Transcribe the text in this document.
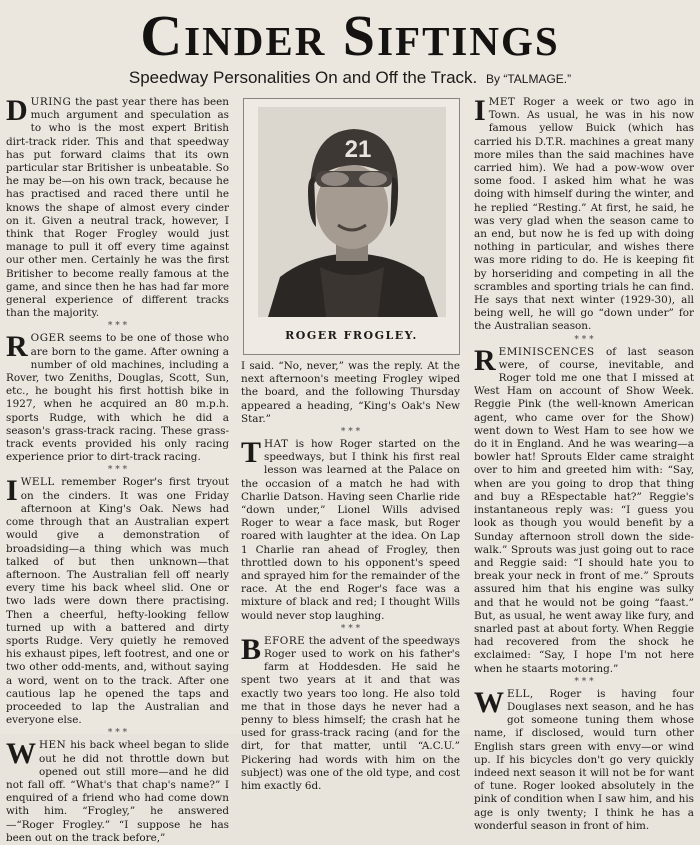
Cinder Siftings
Speedway Personalities On and Off the Track. By “TALMAGE.”

DURING the past year there has been much argument and speculation as to who is the most expert British dirt-track rider. This and that speedway has put forward claims that its own particular star Britisher is unbeatable. So he may be—on his own track, because he has practised and raced there until he knows the shape of almost every cinder on it. Given a neutral track, however, I think that Roger Frogley would just manage to pull it off every time against our other men. Certainly he was the first Britisher to become really famous at the game, and since then he has had far more general experience of different tracks than the majority.

* * *

ROGER seems to be one of those who are born to the game. After owning a number of old machines, including a Rover, two Zeniths, Douglas, Scott, Sun, etc., he bought his first hottish bike in 1927, when he acquired an 80 m.p.h. sports Rudge, with which he did a season's grass-track racing. These grass-track events provided his only racing experience prior to dirt-track racing.

* * *

IWELL remember Roger's first tryout on the cinders. It was one Friday afternoon at King's Oak. News had come through that an Australian expert would give a demonstration of broadsiding—a thing which was much talked of but then unknown—that afternoon. The Australian fell off nearly every time his back wheel slid. One or two lads were down there practising. Then a cheerful, hefty-looking fellow turned up with a battered and dirty sports Rudge. Very quietly he removed his exhaust pipes, left footrest, and one or two other odd-ments, and, without saying a word, went on to the track. After one cautious lap he opened the taps and proceeded to lap the Australian and everyone else.

* * *

WHEN his back wheel began to slide out he did not throttle down but opened out still more—and he did not fall off. “What's that chap's name?” I enquired of a friend who had come down with him. “Frogley,” he answered—“Roger Frogley.” “I suppose he has been out on the track before,”

21
ROGER FROGLEY.

I said. “No, never,” was the reply. At the next afternoon's meeting Frogley wiped the board, and the following Thursday appeared a heading, “King's Oak's New Star.”

* * *

THAT is how Roger started on the speedways, but I think his first real lesson was learned at the Palace on the occasion of a match he had with Charlie Datson. Having seen Charlie ride “down under,” Lionel Wills advised Roger to wear a face mask, but Roger roared with laughter at the idea. On Lap 1 Charlie ran ahead of Frogley, then throttled down to his opponent's speed and sprayed him for the remainder of the race. At the end Roger's face was a mixture of black and red; I thought Wills would never stop laughing.

* * *

BEFORE the advent of the speedways Roger used to work on his father's farm at Hoddesden. He said he spent two years at it and that was exactly two years too long. He also told me that in those days he never had a penny to bless himself; the crash hat he used for grass-track racing (and for the dirt, for that matter, until “A.C.U.” Pickering had words with him on the subject) was one of the old type, and cost him exactly 6d.

IMET Roger a week or two ago in Town. As usual, he was in his now famous yellow Buick (which has carried his D.T.R. machines a great many more miles than the said machines have carried him). We had a pow-wow over some food. I asked him what he was doing with himself during the winter, and he replied “Resting.” At first, he said, he was very glad when the season came to an end, but now he is fed up with doing nothing in particular, and wishes there was more riding to do. He is keeping fit by horseriding and competing in all the scrambles and sporting trials he can find. He says that next winter (1929-30), all being well, he will go “down under” for the Australian season.

* * *

REMINISCENCES of last season were, of course, inevitable, and Roger told me one that I missed at West Ham on account of Show Week. Reggie Pink (the well-known American agent, who came over for the Show) went down to West Ham to see how we do it in England. And he was wearing—a bowler hat! Sprouts Elder came straight over to him and greeted him with: “Say, when are you going to drop that thing and buy a REspectable hat?” Reggie's instantaneous reply was: “I guess you look as though you would benefit by a Sunday afternoon stroll down the side-walk.” Sprouts was just going out to race and Reggie said: “I should hate you to break your neck in front of me.” Sprouts assured him that his engine was sulky and that he would not be going “faast.” But, as usual, he went away like fury, and snarled past at about forty. When Reggie had recovered from the shock he exclaimed: “Say, I hope I'm not here when he staarts motoring.”

* * *

WELL, Roger is having four Douglases next season, and he has got someone tuning them whose name, if disclosed, would turn other English stars green with envy—or wind up. If his bicycles don't go very quickly indeed next season it will not be for want of tune. Roger looked absolutely in the pink of condition when I saw him, and his age is only twenty; I think he has a wonderful season in front of him.
